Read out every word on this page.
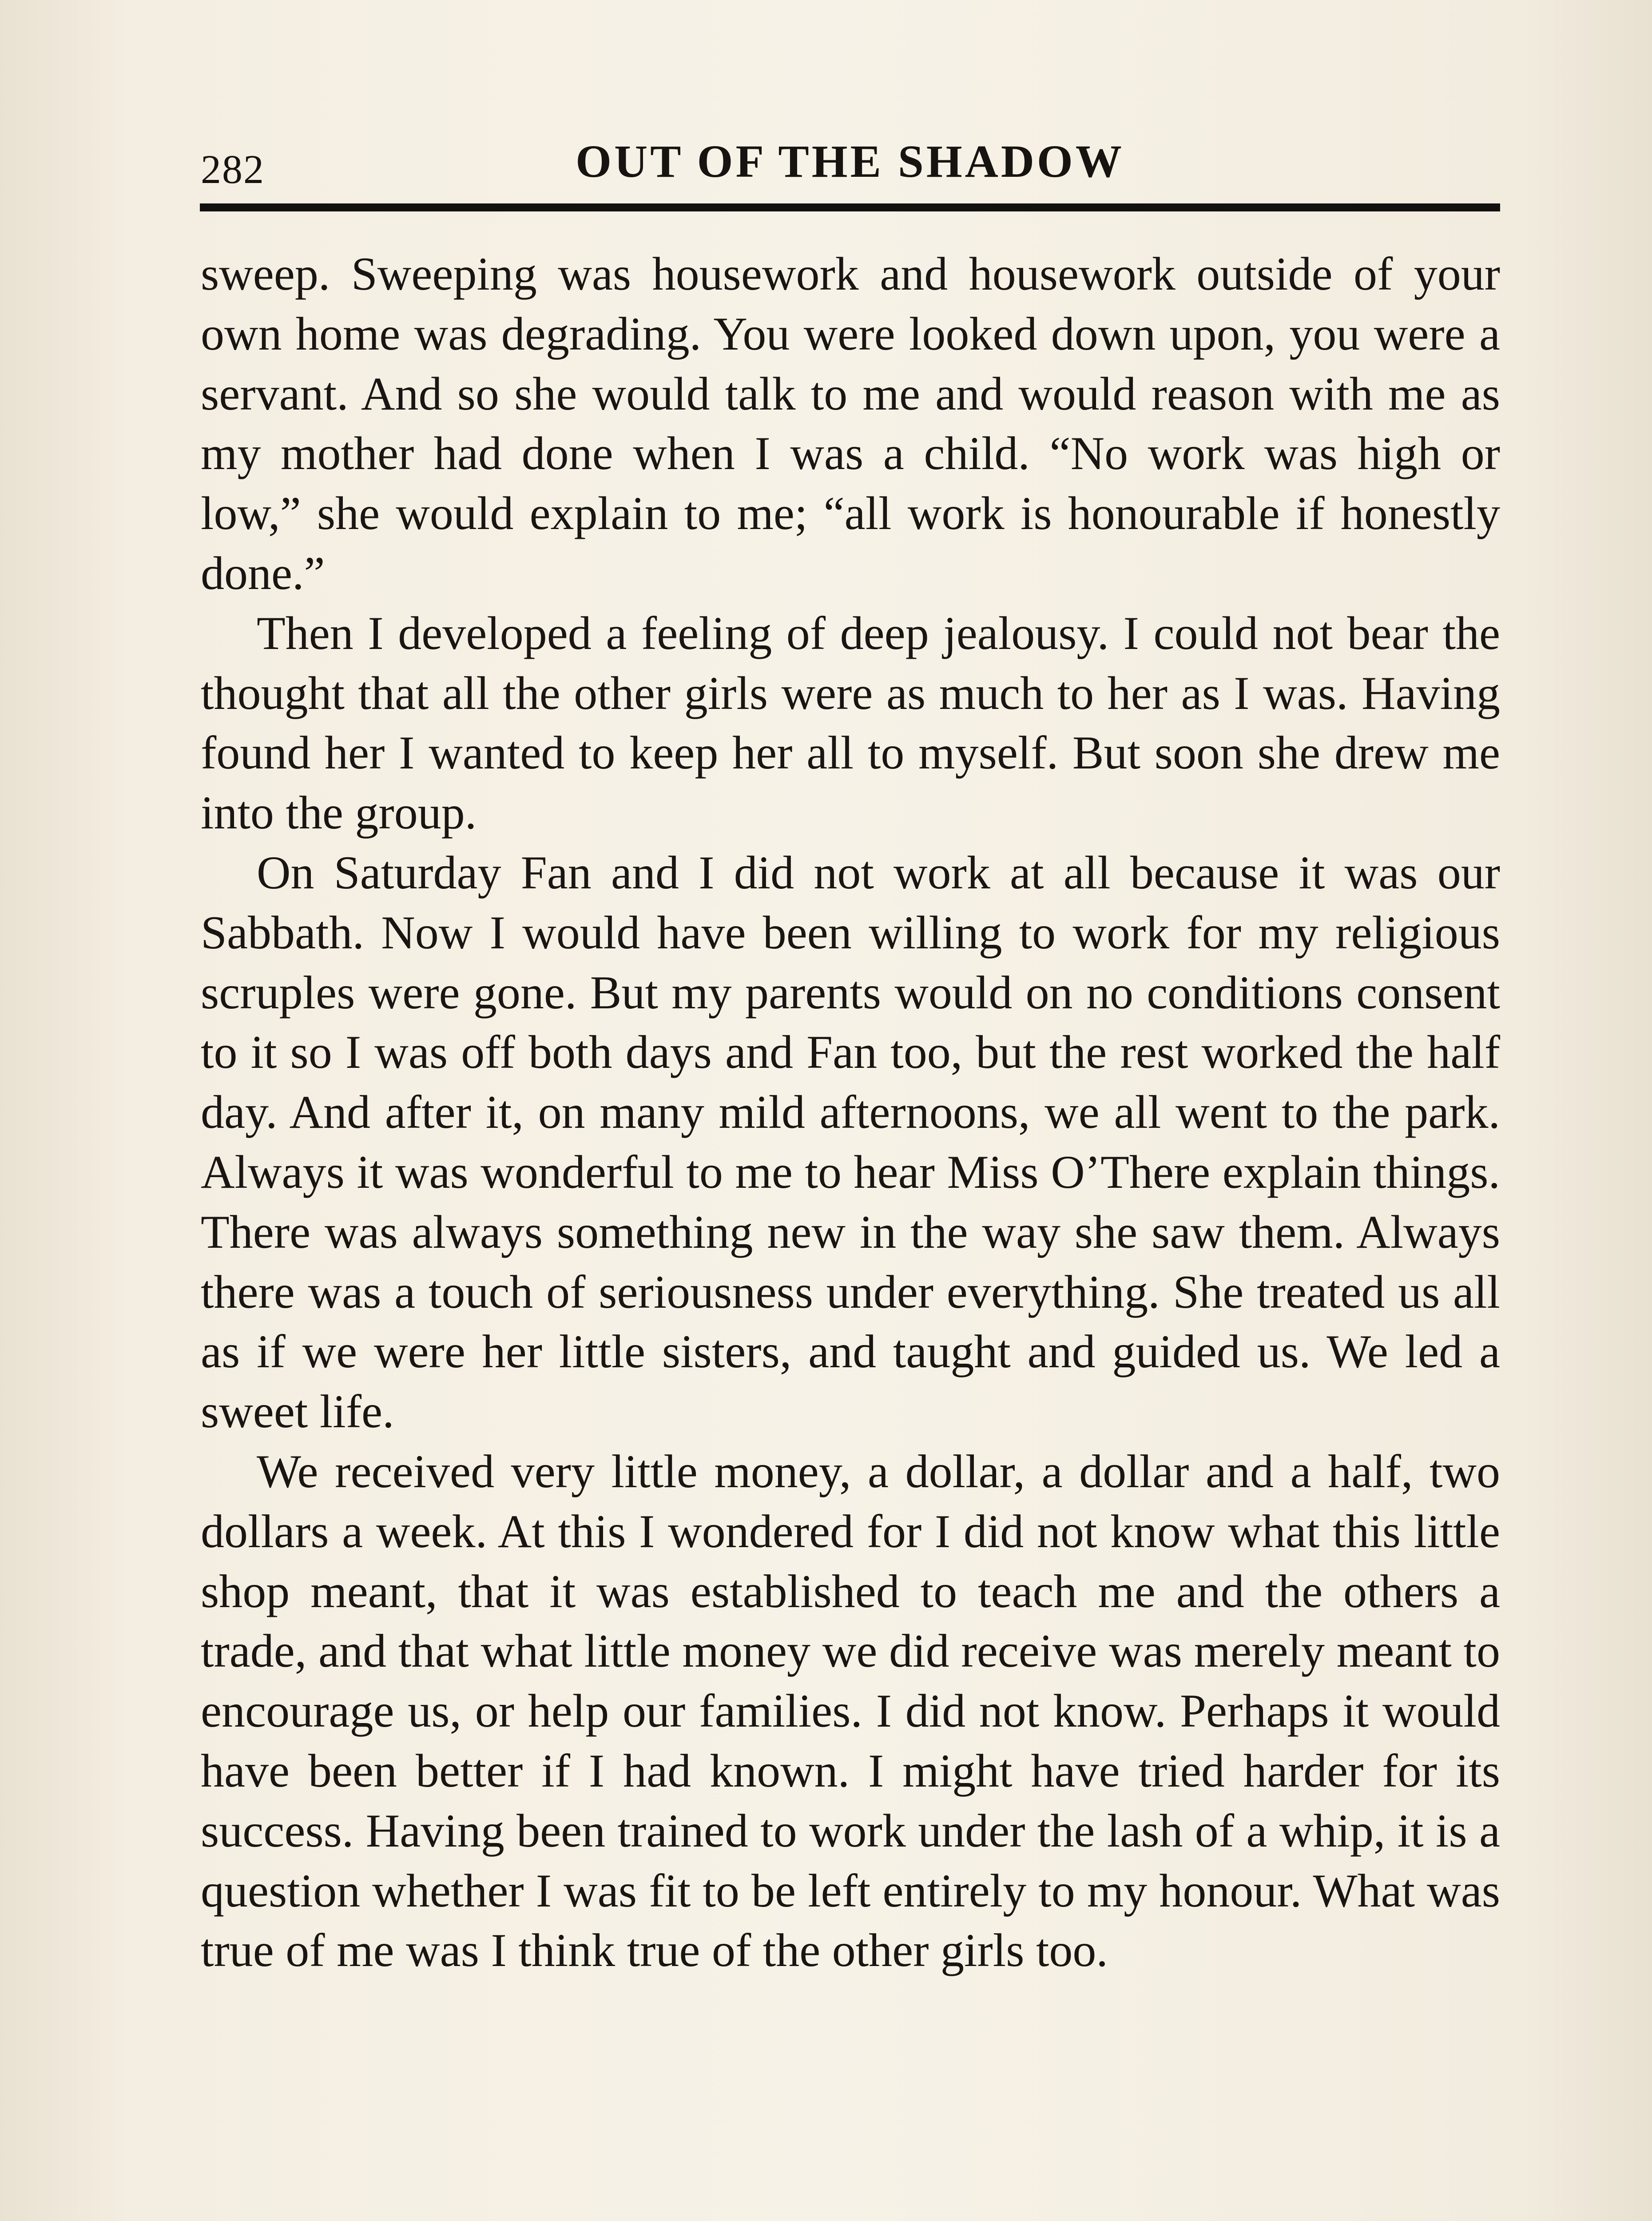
282	OUT OF THE SHADOW

sweep. Sweeping was housework and housework outside of your own home was degrading. You were looked down upon, you were a servant. And so she would talk to me and would reason with me as my mother had done when I was a child. “No work was high or low,” she would explain to me; “all work is honourable if honestly done.”

Then I developed a feeling of deep jealousy. I could not bear the thought that all the other girls were as much to her as I was. Having found her I wanted to keep her all to myself. But soon she drew me into the group.

On Saturday Fan and I did not work at all because it was our Sabbath. Now I would have been willing to work for my religious scruples were gone. But my parents would on no conditions consent to it so I was off both days and Fan too, but the rest worked the half day. And after it, on many mild afternoons, we all went to the park. Always it was wonderful to me to hear Miss O’There explain things. There was always something new in the way she saw them. Always there was a touch of seriousness under everything. She treated us all as if we were her little sisters, and taught and guided us. We led a sweet life.

We received very little money, a dollar, a dollar and a half, two dollars a week. At this I wondered for I did not know what this little shop meant, that it was established to teach me and the others a trade, and that what little money we did receive was merely meant to encourage us, or help our families. I did not know. Perhaps it would have been better if I had known. I might have tried harder for its success. Having been trained to work under the lash of a whip, it is a question whether I was fit to be left entirely to my honour. What was true of me was I think true of the other girls too.
